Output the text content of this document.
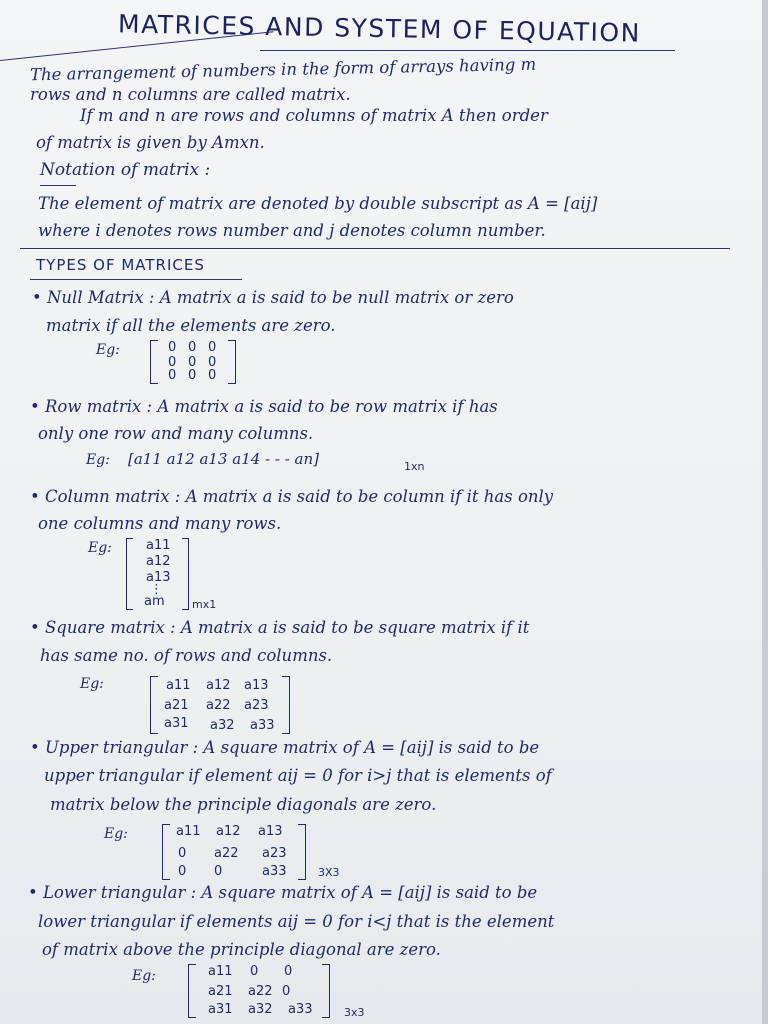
MATRICES AND SYSTEM OF EQUATION
The arrangement of numbers in the form of arrays having m
rows and n columns are called matrix.
If m and n are rows and columns of matrix A then order
of matrix is given by Amxn.
Notation of matrix :
The element of matrix are denoted by double subscript as A = [aij]
where i denotes rows number and j denotes column number.
TYPES OF MATRICES
• Null Matrix : A matrix a is said to be null matrix or zero
matrix if all the elements are zero.
Eg:	0 0 0
0 0 0
0 0 0
• Row matrix : A matrix a is said to be row matrix if has
only one row and many columns.
Eg: [a11 a12 a13 a14 - - - an]	1xn
• Column matrix : A matrix a is said to be column if it has only
one columns and many rows.
Eg:	a11
a12
a13
⋮
am mx1
• Square matrix : A matrix a is said to be square matrix if it
has same no. of rows and columns.
Eg:	a11 a12 a13
a21 a22 a23
a31 a32 a33
• Upper triangular : A square matrix of A = [aij] is said to be
upper triangular if element aij = 0 for i>j that is elements of
matrix below the principle diagonals are zero.
Eg:	a11 a12 a13
0 a22 a23
0 0	a33	3X3
• Lower triangular : A square matrix of A = [aij] is said to be
lower triangular if elements aij = 0 for i<j that is the element
of matrix above the principle diagonal are zero.
Eg:	a11 0 0
a21 a22 0
a31 a32 a33	3x3
